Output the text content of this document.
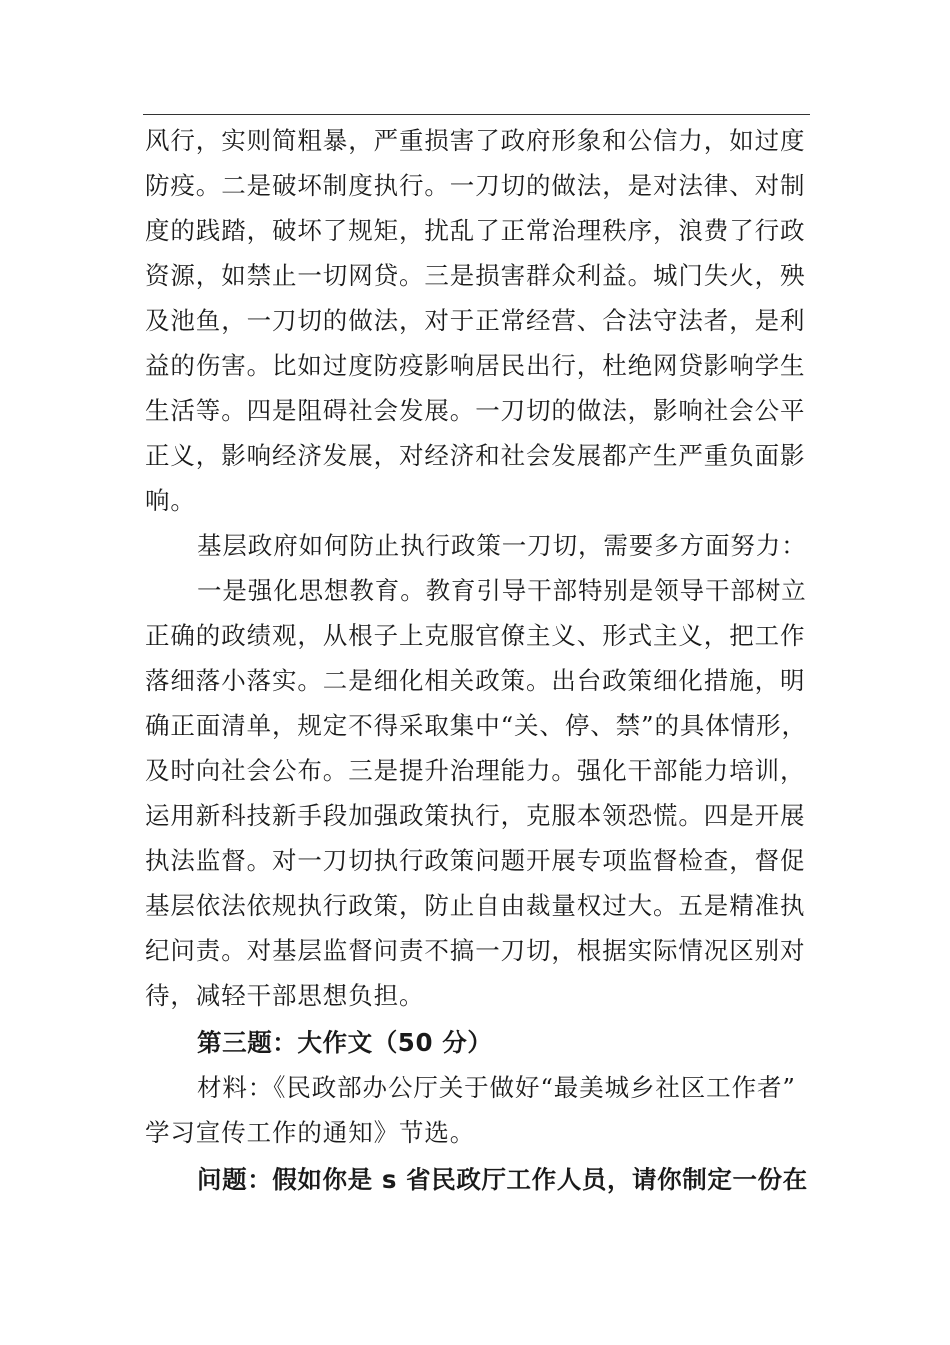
风行，实则简粗暴，严重损害了政府形象和公信力，如过度
防疫。二是破坏制度执行。一刀切的做法，是对法律、对制
度的践踏，破坏了规矩，扰乱了正常治理秩序，浪费了行政
资源，如禁止一切网贷。三是损害群众利益。城门失火，殃
及池鱼，一刀切的做法，对于正常经营、合法守法者，是利
益的伤害。比如过度防疫影响居民出行，杜绝网贷影响学生
生活等。四是阻碍社会发展。一刀切的做法，影响社会公平
正义，影响经济发展，对经济和社会发展都产生严重负面影
响。
基层政府如何防止执行政策一刀切，需要多方面努力：
一是强化思想教育。教育引导干部特别是领导干部树立
正确的政绩观，从根子上克服官僚主义、形式主义，把工作
落细落小落实。二是细化相关政策。出台政策细化措施，明
确正面清单，规定不得采取集中“关、停、禁”的具体情形，
及时向社会公布。三是提升治理能力。强化干部能力培训，
运用新科技新手段加强政策执行，克服本领恐慌。四是开展
执法监督。对一刀切执行政策问题开展专项监督检查，督促
基层依法依规执行政策，防止自由裁量权过大。五是精准执
纪问责。对基层监督问责不搞一刀切，根据实际情况区别对
待，减轻干部思想负担。
第三题：大作文（50 分）
材料：《民政部办公厅关于做好“最美城乡社区工作者”
学习宣传工作的通知》节选。
问题：假如你是 s 省民政厅工作人员，请你制定一份在
